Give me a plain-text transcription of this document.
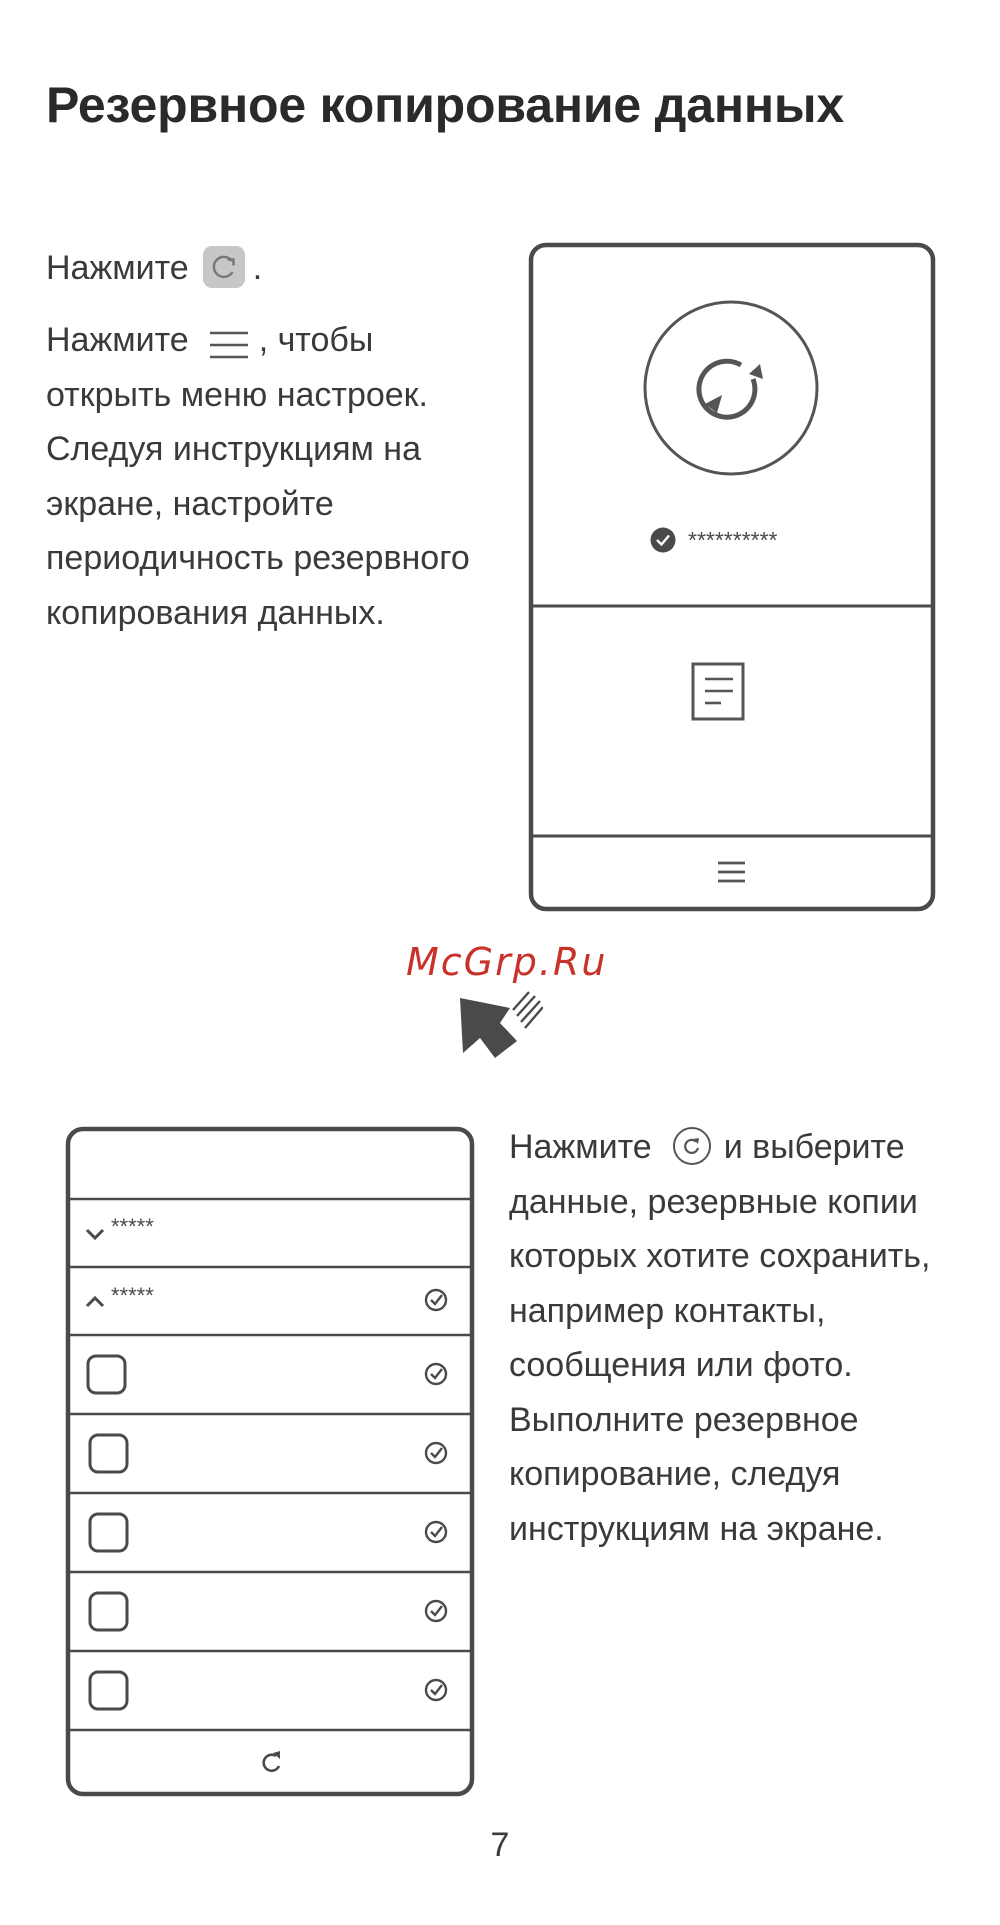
Резервное копирование данных
Нажмите .
Нажмите , чтобы открыть меню настроек. Следуя инструкциям на экране, настройте периодичность резервного копирования данных.
**********
McGrp.Ru
*****
*****
Нажмите и выберите данные, резервные копии которых хотите сохранить, например контакты, сообщения или фото. Выполните резервное копирование, следуя инструкциям на экране.
7
